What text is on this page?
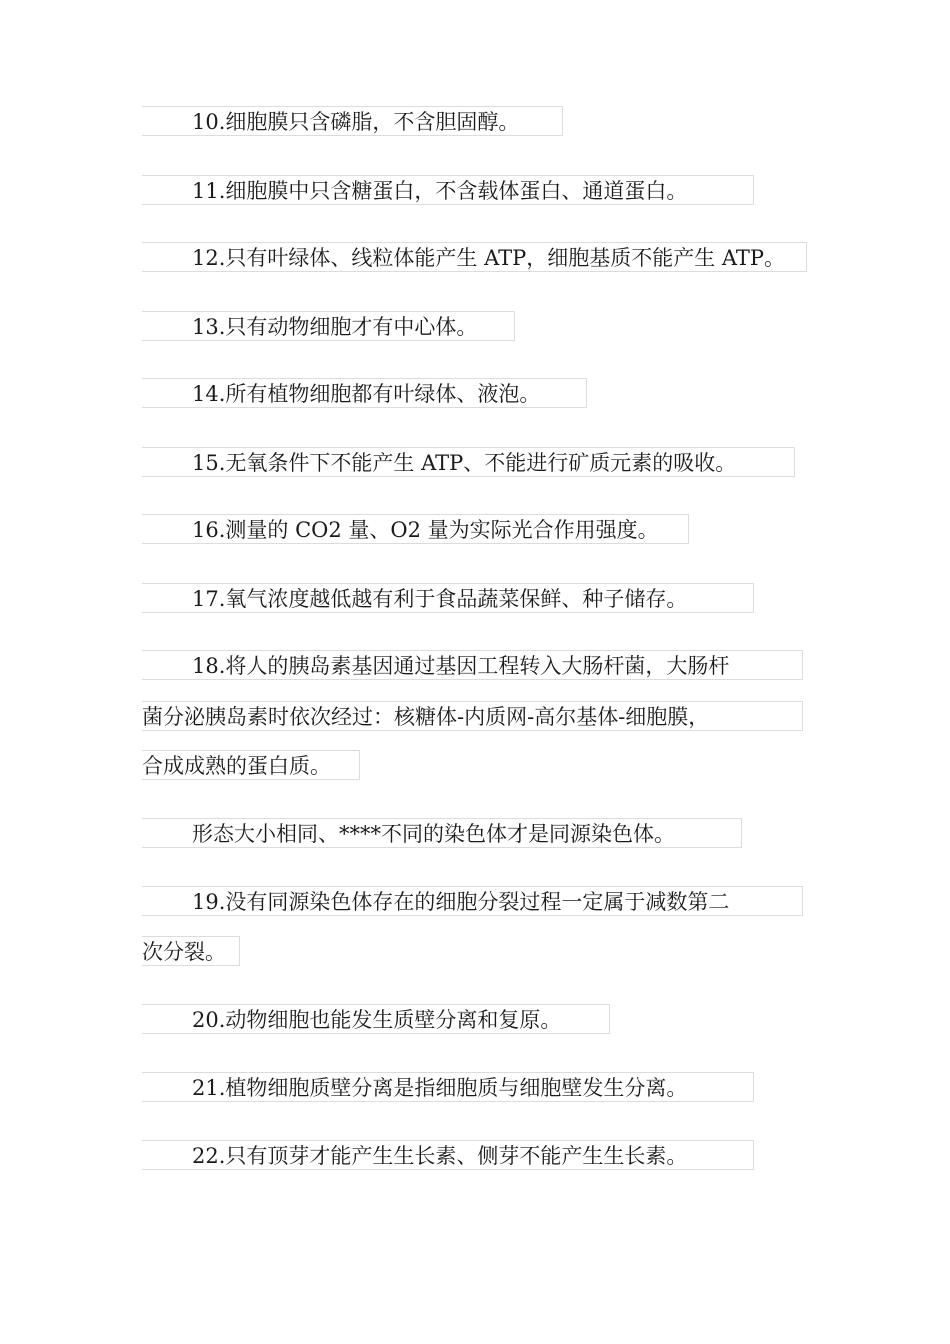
10.细胞膜只含磷脂，不含胆固醇。
11.细胞膜中只含糖蛋白，不含载体蛋白、通道蛋白。
12.只有叶绿体、线粒体能产生 ATP，细胞基质不能产生 ATP。
13.只有动物细胞才有中心体。
14.所有植物细胞都有叶绿体、液泡。
15.无氧条件下不能产生 ATP、不能进行矿质元素的吸收。
16.测量的 CO2 量、O2 量为实际光合作用强度。
17.氧气浓度越低越有利于食品蔬菜保鲜、种子储存。
18.将人的胰岛素基因通过基因工程转入大肠杆菌，大肠杆
菌分泌胰岛素时依次经过：核糖体-内质网-高尔基体-细胞膜，
合成成熟的蛋白质。
形态大小相同、****不同的染色体才是同源染色体。
19.没有同源染色体存在的细胞分裂过程一定属于减数第二
次分裂。
20.动物细胞也能发生质壁分离和复原。
21.植物细胞质壁分离是指细胞质与细胞壁发生分离。
22.只有顶芽才能产生生长素、侧芽不能产生生长素。
